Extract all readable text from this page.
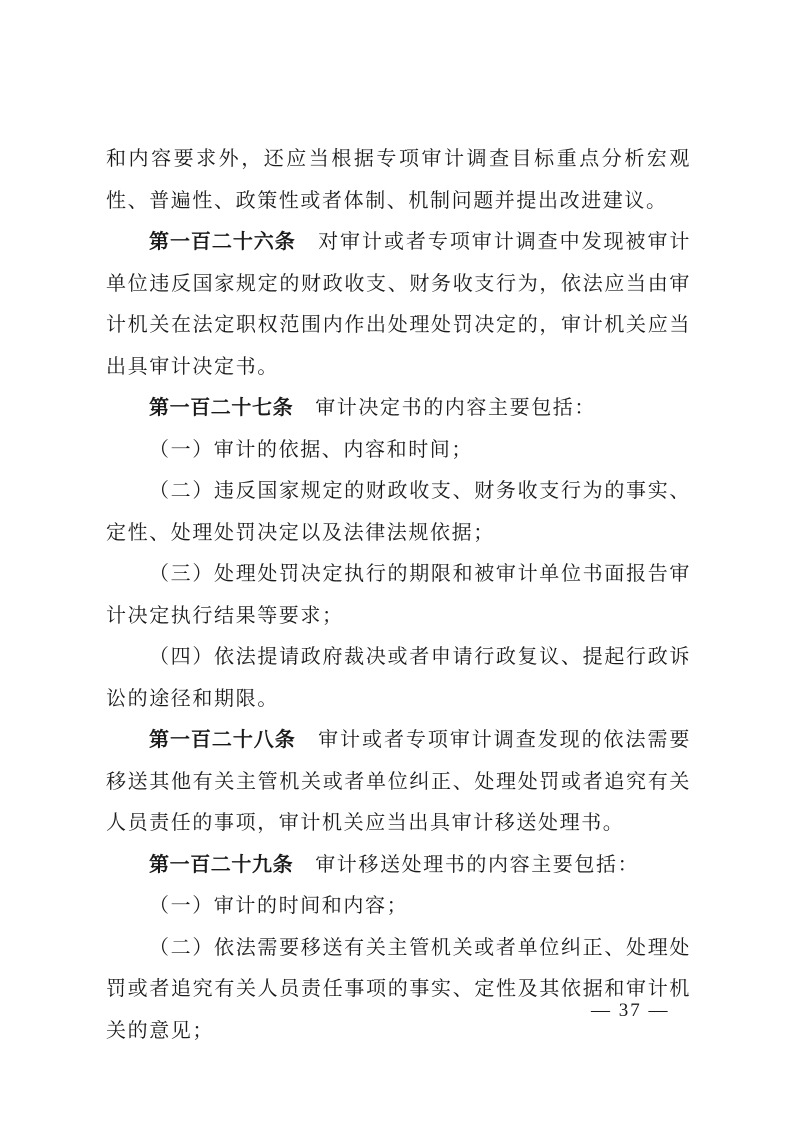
和内容要求外，还应当根据专项审计调查目标重点分析宏观性、普遍性、政策性或者体制、机制问题并提出改进建议。

第一百二十六条 对审计或者专项审计调查中发现被审计单位违反国家规定的财政收支、财务收支行为，依法应当由审计机关在法定职权范围内作出处理处罚决定的，审计机关应当出具审计决定书。

第一百二十七条 审计决定书的内容主要包括：

（一）审计的依据、内容和时间；

（二）违反国家规定的财政收支、财务收支行为的事实、定性、处理处罚决定以及法律法规依据；

（三）处理处罚决定执行的期限和被审计单位书面报告审计决定执行结果等要求；

（四）依法提请政府裁决或者申请行政复议、提起行政诉讼的途径和期限。

第一百二十八条 审计或者专项审计调查发现的依法需要移送其他有关主管机关或者单位纠正、处理处罚或者追究有关人员责任的事项，审计机关应当出具审计移送处理书。

第一百二十九条 审计移送处理书的内容主要包括：

（一）审计的时间和内容；

（二）依法需要移送有关主管机关或者单位纠正、处理处罚或者追究有关人员责任事项的事实、定性及其依据和审计机关的意见；

— 37 —
